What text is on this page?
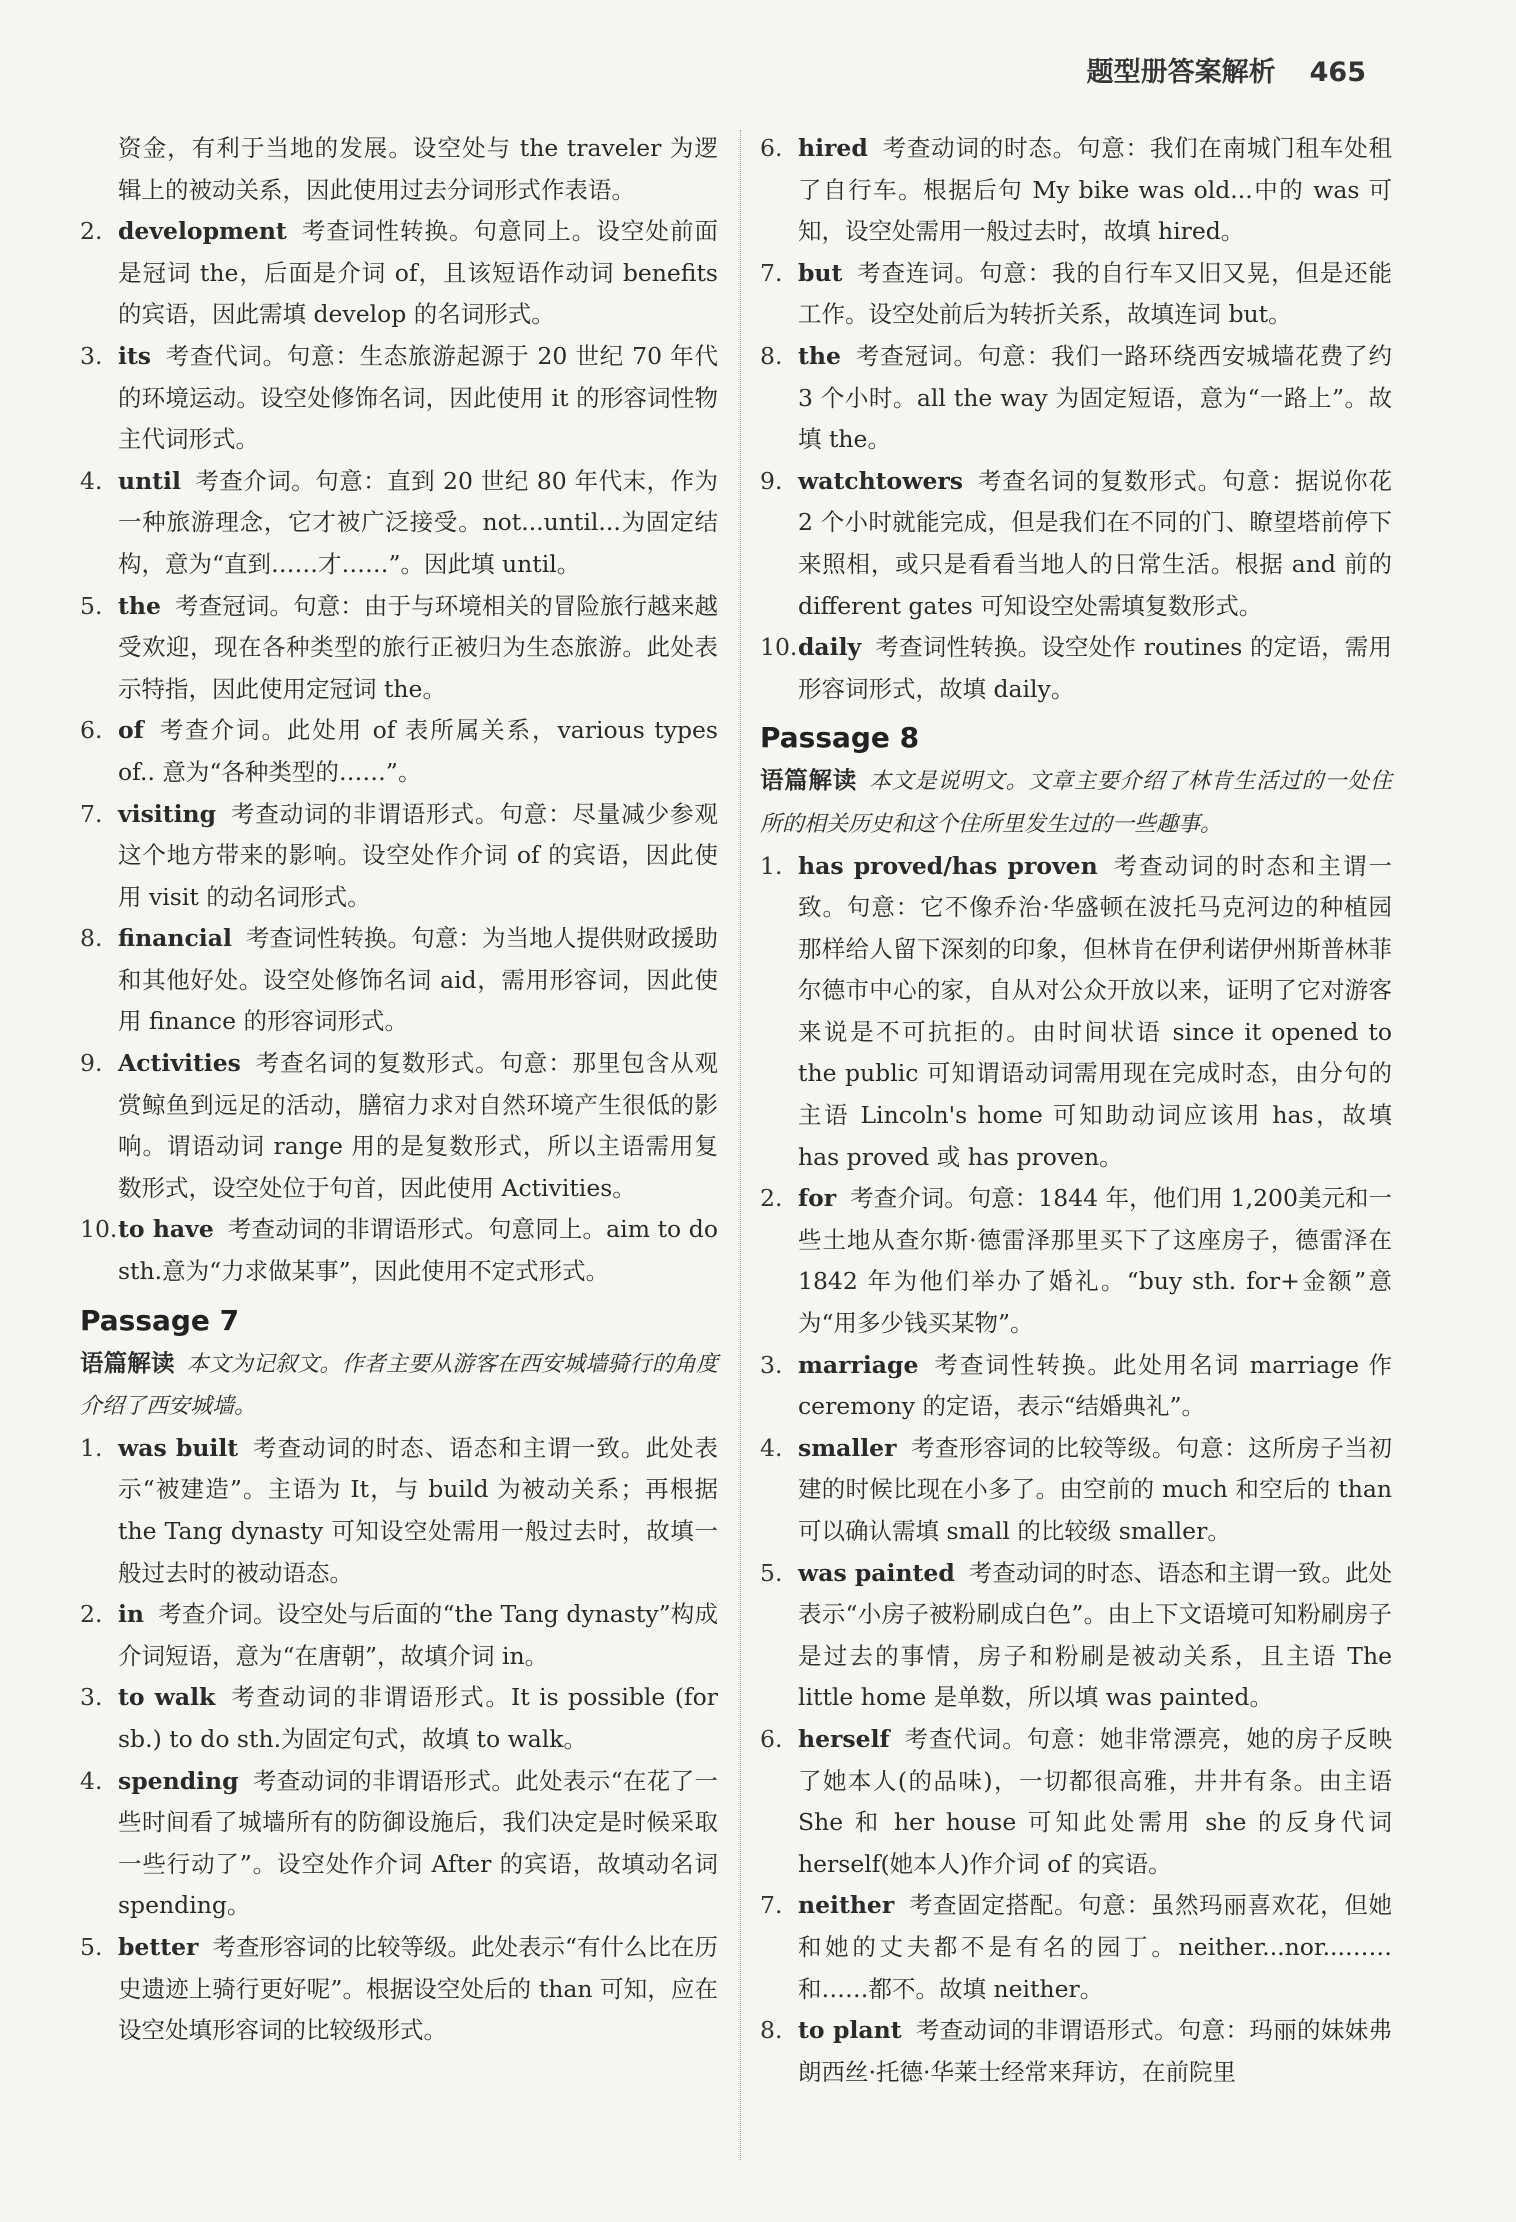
题型册答案解析 465
资金，有利于当地的发展。设空处与 the traveler 为逻辑上的被动关系，因此使用过去分词形式作表语。
2. development 考查词性转换。句意同上。设空处前面是冠词 the，后面是介词 of，且该短语作动词 benefits 的宾语，因此需填 develop 的名词形式。
3. its 考查代词。句意：生态旅游起源于 20 世纪 70 年代的环境运动。设空处修饰名词，因此使用 it 的形容词性物主代词形式。
4. until 考查介词。句意：直到 20 世纪 80 年代末，作为一种旅游理念，它才被广泛接受。not...until...为固定结构，意为“直到……才……”。因此填 until。
5. the 考查冠词。句意：由于与环境相关的冒险旅行越来越受欢迎，现在各种类型的旅行正被归为生态旅游。此处表示特指，因此使用定冠词 the。
6. of 考查介词。此处用 of 表所属关系，various types of.. 意为“各种类型的……”。
7. visiting 考查动词的非谓语形式。句意：尽量减少参观这个地方带来的影响。设空处作介词 of 的宾语，因此使用 visit 的动名词形式。
8. financial 考查词性转换。句意：为当地人提供财政援助和其他好处。设空处修饰名词 aid，需用形容词，因此使用 finance 的形容词形式。
9. Activities 考查名词的复数形式。句意：那里包含从观赏鲸鱼到远足的活动，膳宿力求对自然环境产生很低的影响。谓语动词 range 用的是复数形式，所以主语需用复数形式，设空处位于句首，因此使用 Activities。
10.to have 考查动词的非谓语形式。句意同上。aim to do sth.意为“力求做某事”，因此使用不定式形式。
Passage 7
语篇解读 本文为记叙文。作者主要从游客在西安城墙骑行的角度介绍了西安城墙。
1. was built 考查动词的时态、语态和主谓一致。此处表示“被建造”。主语为 It，与 build 为被动关系；再根据 the Tang dynasty 可知设空处需用一般过去时，故填一般过去时的被动语态。
2. in 考查介词。设空处与后面的“the Tang dynasty”构成介词短语，意为“在唐朝”，故填介词 in。
3. to walk 考查动词的非谓语形式。It is possible (for sb.) to do sth.为固定句式，故填 to walk。
4. spending 考查动词的非谓语形式。此处表示“在花了一些时间看了城墙所有的防御设施后，我们决定是时候采取一些行动了”。设空处作介词 After 的宾语，故填动名词 spending。
5. better 考查形容词的比较等级。此处表示“有什么比在历史遗迹上骑行更好呢”。根据设空处后的 than 可知，应在设空处填形容词的比较级形式。
6. hired 考查动词的时态。句意：我们在南城门租车处租了自行车。根据后句 My bike was old...中的 was 可知，设空处需用一般过去时，故填 hired。
7. but 考查连词。句意：我的自行车又旧又晃，但是还能工作。设空处前后为转折关系，故填连词 but。
8. the 考查冠词。句意：我们一路环绕西安城墙花费了约 3 个小时。all the way 为固定短语，意为“一路上”。故填 the。
9. watchtowers 考查名词的复数形式。句意：据说你花 2 个小时就能完成，但是我们在不同的门、瞭望塔前停下来照相，或只是看看当地人的日常生活。根据 and 前的 different gates 可知设空处需填复数形式。
10.daily 考查词性转换。设空处作 routines 的定语，需用形容词形式，故填 daily。
Passage 8
语篇解读 本文是说明文。文章主要介绍了林肯生活过的一处住所的相关历史和这个住所里发生过的一些趣事。
1. has proved/has proven 考查动词的时态和主谓一致。句意：它不像乔治·华盛顿在波托马克河边的种植园那样给人留下深刻的印象，但林肯在伊利诺伊州斯普林菲尔德市中心的家，自从对公众开放以来，证明了它对游客来说是不可抗拒的。由时间状语 since it opened to the public 可知谓语动词需用现在完成时态，由分句的主语 Lincoln's home 可知助动词应该用 has，故填 has proved 或 has proven。
2. for 考查介词。句意：1844 年，他们用 1,200美元和一些土地从查尔斯·德雷泽那里买下了这座房子，德雷泽在 1842 年为他们举办了婚礼。“buy sth. for+金额”意为“用多少钱买某物”。
3. marriage 考查词性转换。此处用名词 marriage 作 ceremony 的定语，表示“结婚典礼”。
4. smaller 考查形容词的比较等级。句意：这所房子当初建的时候比现在小多了。由空前的 much 和空后的 than 可以确认需填 small 的比较级 smaller。
5. was painted 考查动词的时态、语态和主谓一致。此处表示“小房子被粉刷成白色”。由上下文语境可知粉刷房子是过去的事情，房子和粉刷是被动关系，且主语 The little home 是单数，所以填 was painted。
6. herself 考查代词。句意：她非常漂亮，她的房子反映了她本人(的品味)，一切都很高雅，井井有条。由主语 She 和 her house 可知此处需用 she 的反身代词 herself(她本人)作介词 of 的宾语。
7. neither 考查固定搭配。句意：虽然玛丽喜欢花，但她和她的丈夫都不是有名的园丁。neither...nor...……和……都不。故填 neither。
8. to plant 考查动词的非谓语形式。句意：玛丽的妹妹弗朗西丝·托德·华莱士经常来拜访，在前院里
